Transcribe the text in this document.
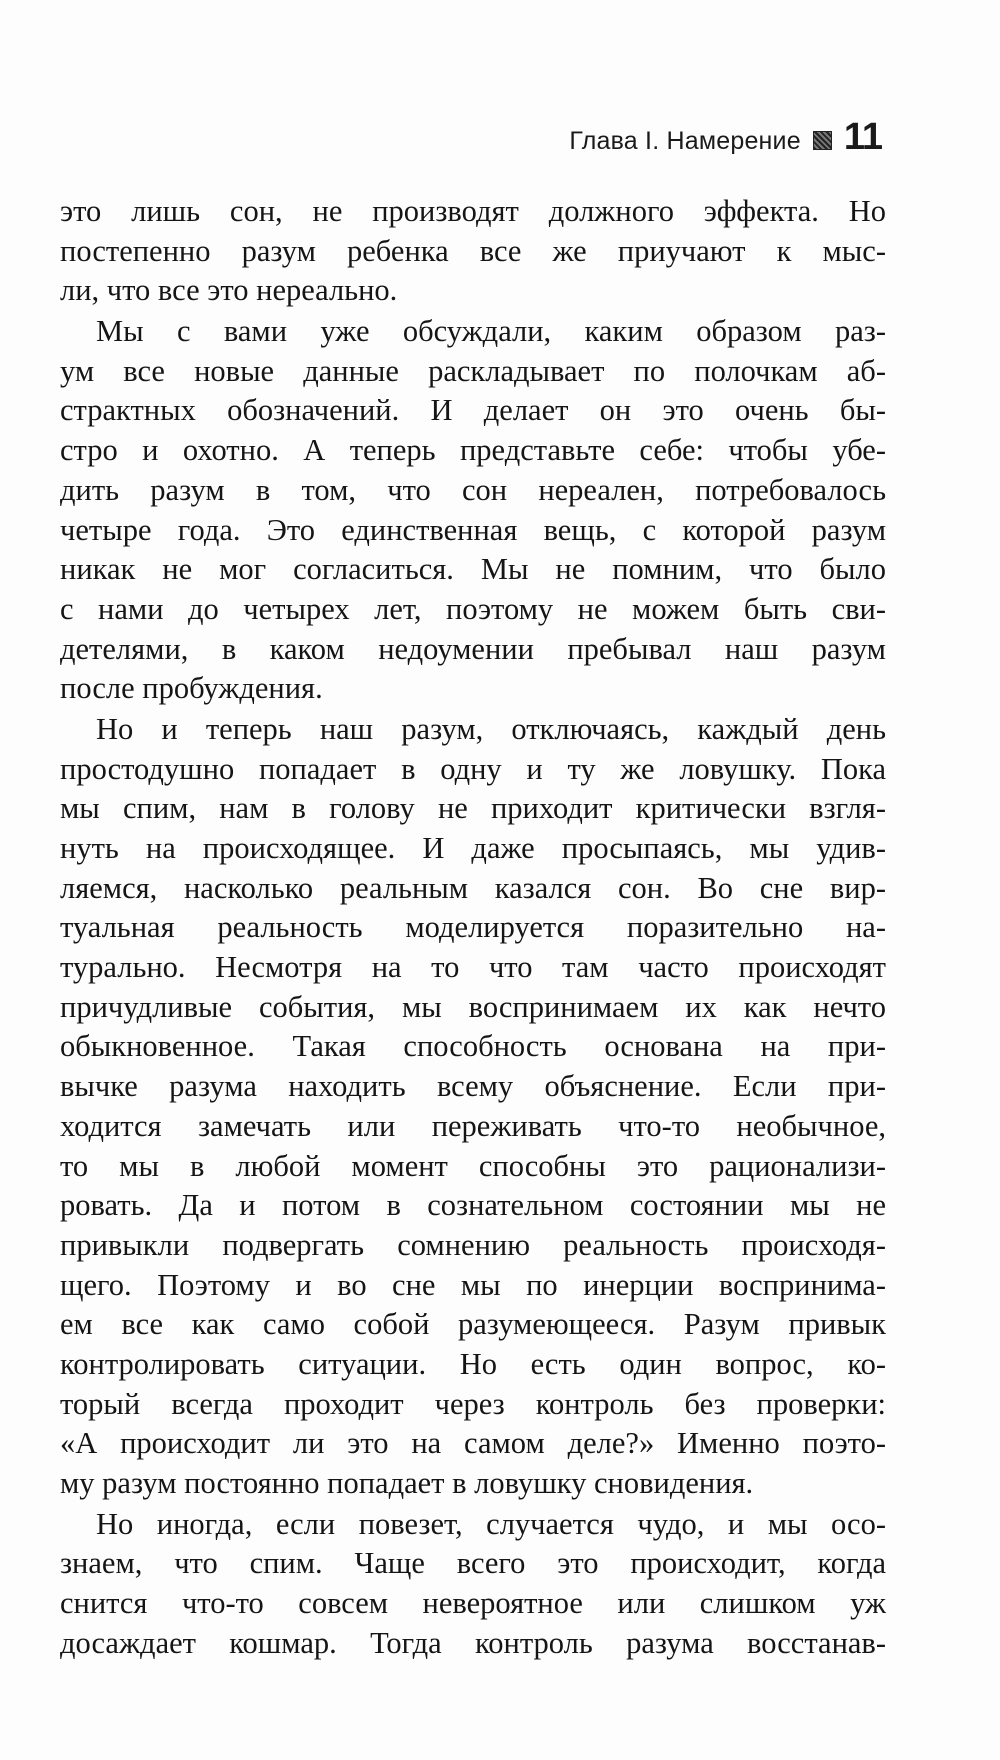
Глава I. Намерение 11
это лишь сон, не производят должного эффекта. Но
постепенно разум ребенка все же приучают к мыс-
ли, что все это нереально.
Мы с вами уже обсуждали, каким образом раз-
ум все новые данные раскладывает по полочкам аб-
страктных обозначений. И делает он это очень бы-
стро и охотно. А теперь представьте себе: чтобы убе-
дить разум в том, что сон нереален, потребовалось
четыре года. Это единственная вещь, с которой разум
никак не мог согласиться. Мы не помним, что было
с нами до четырех лет, поэтому не можем быть сви-
детелями, в каком недоумении пребывал наш разум
после пробуждения.
Но и теперь наш разум, отключаясь, каждый день
простодушно попадает в одну и ту же ловушку. Пока
мы спим, нам в голову не приходит критически взгля-
нуть на происходящее. И даже просыпаясь, мы удив-
ляемся, насколько реальным казался сон. Во сне вир-
туальная реальность моделируется поразительно на-
турально. Несмотря на то что там часто происходят
причудливые события, мы воспринимаем их как нечто
обыкновенное. Такая способность основана на при-
вычке разума находить всему объяснение. Если при-
ходится замечать или переживать что-то необычное,
то мы в любой момент способны это рационализи-
ровать. Да и потом в сознательном состоянии мы не
привыкли подвергать сомнению реальность происходя-
щего. Поэтому и во сне мы по инерции воспринима-
ем все как само собой разумеющееся. Разум привык
контролировать ситуации. Но есть один вопрос, ко-
торый всегда проходит через контроль без проверки:
«А происходит ли это на самом деле?» Именно поэто-
му разум постоянно попадает в ловушку сновидения.
Но иногда, если повезет, случается чудо, и мы осо-
знаем, что спим. Чаще всего это происходит, когда
снится что-то совсем невероятное или слишком уж
досаждает кошмар. Тогда контроль разума восстанав-
